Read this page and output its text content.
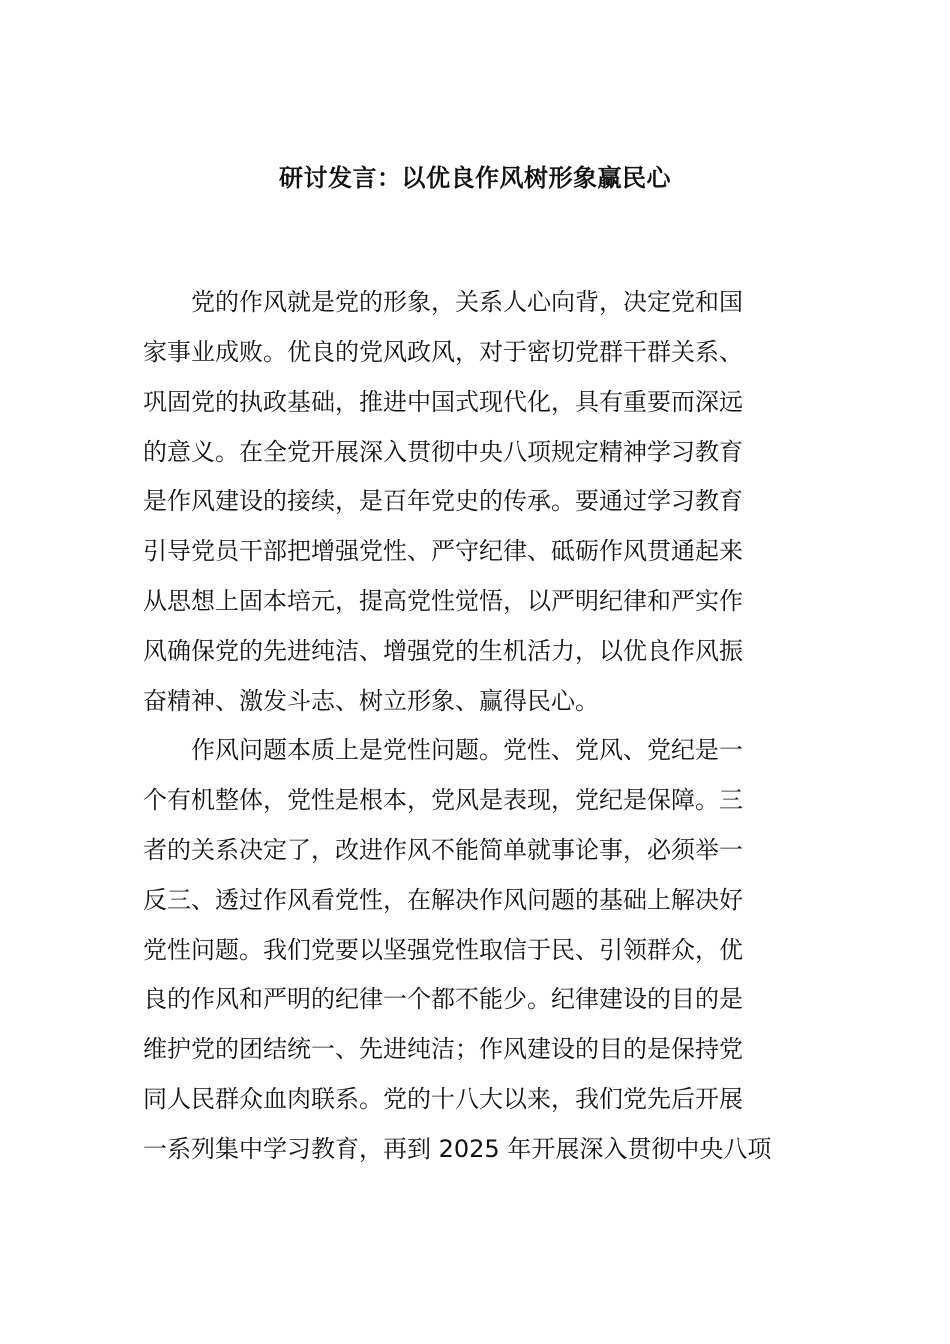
研讨发言：以优良作风树形象赢民心
　　党的作风就是党的形象，关系人心向背，决定党和国
家事业成败。优良的党风政风，对于密切党群干群关系、
巩固党的执政基础，推进中国式现代化，具有重要而深远
的意义。在全党开展深入贯彻中央八项规定精神学习教育
是作风建设的接续，是百年党史的传承。要通过学习教育
引导党员干部把增强党性、严守纪律、砥砺作风贯通起来
从思想上固本培元，提高党性觉悟，以严明纪律和严实作
风确保党的先进纯洁、增强党的生机活力，以优良作风振
奋精神、激发斗志、树立形象、赢得民心。
　　作风问题本质上是党性问题。党性、党风、党纪是一
个有机整体，党性是根本，党风是表现，党纪是保障。三
者的关系决定了，改进作风不能简单就事论事，必须举一
反三、透过作风看党性，在解决作风问题的基础上解决好
党性问题。我们党要以坚强党性取信于民、引领群众，优
良的作风和严明的纪律一个都不能少。纪律建设的目的是
维护党的团结统一、先进纯洁；作风建设的目的是保持党
同人民群众血肉联系。党的十八大以来，我们党先后开展
一系列集中学习教育，再到 2025 年开展深入贯彻中央八项
